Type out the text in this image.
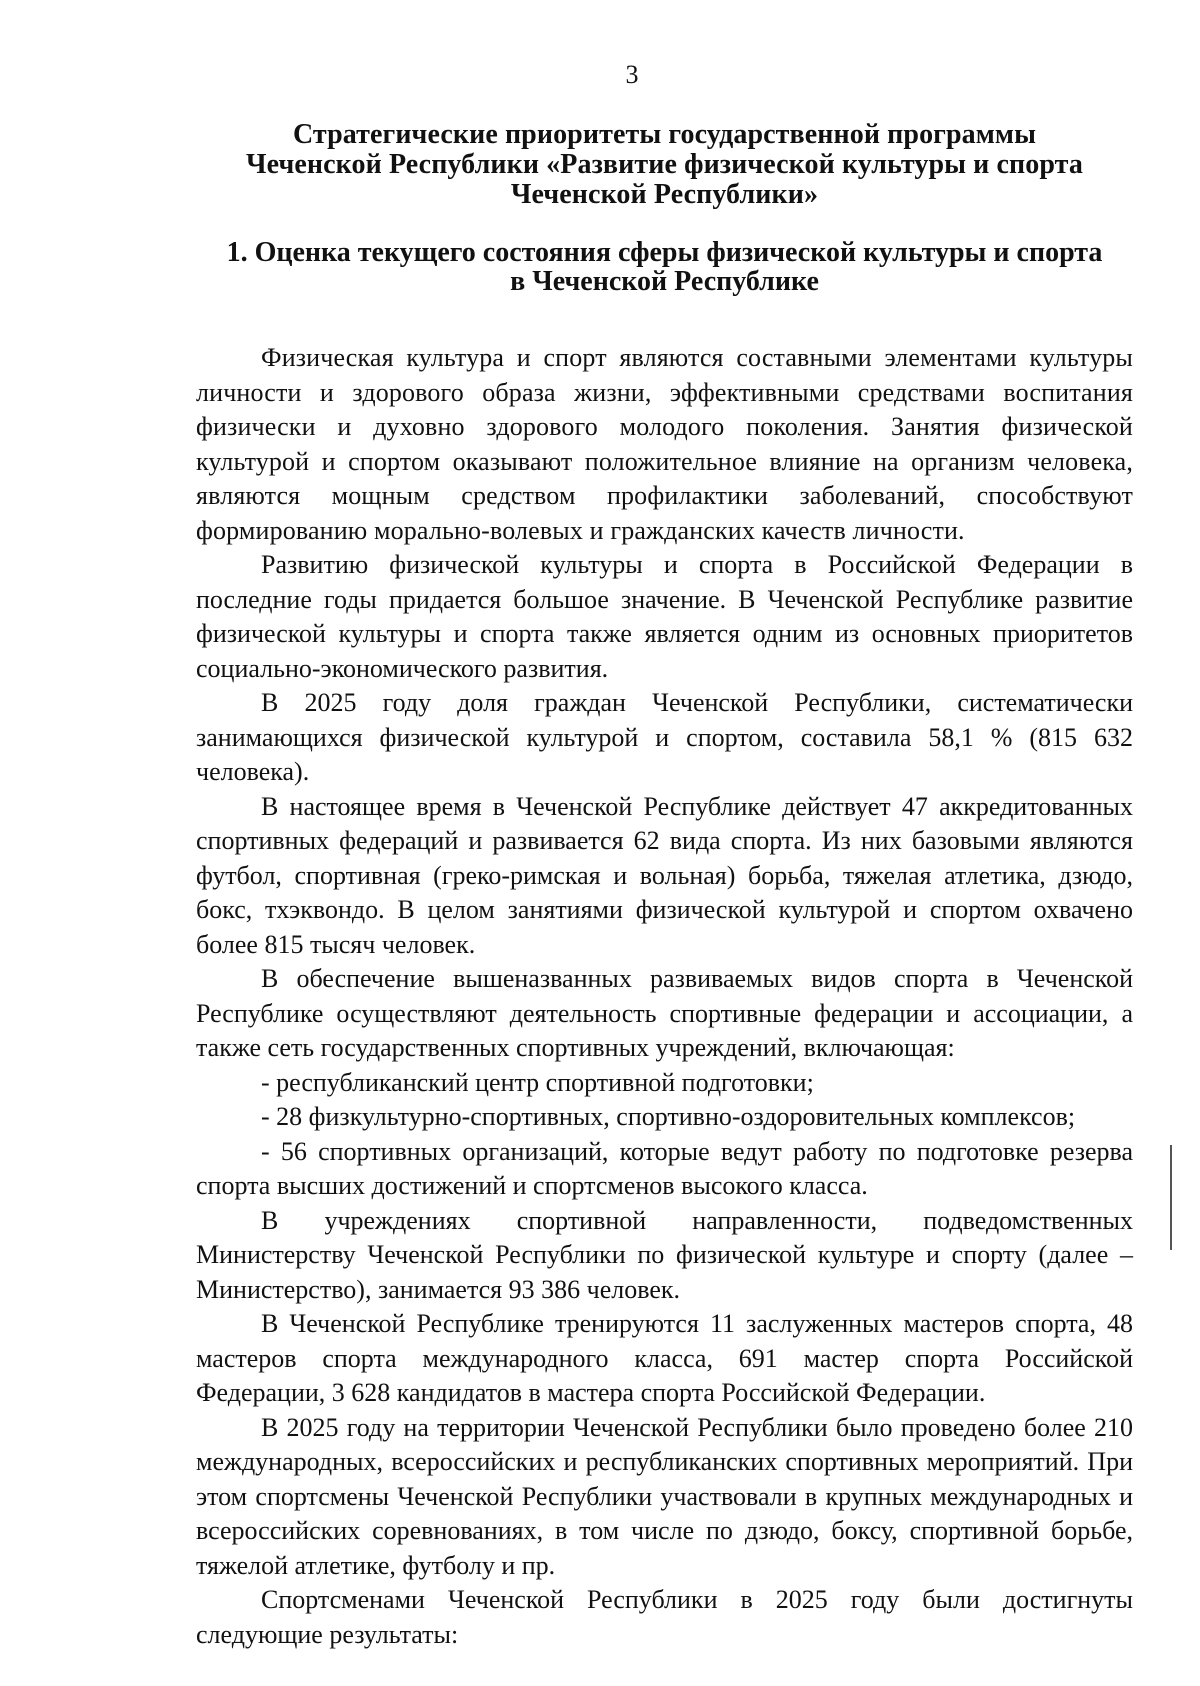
3
Стратегические приоритеты государственной программы
Чеченской Республики «Развитие физической культуры и спорта
Чеченской Республики»
1. Оценка текущего состояния сферы физической культуры и спорта
в Чеченской Республике

Физическая культура и спорт являются составными элементами культуры личности и здорового образа жизни, эффективными средствами воспитания физически и духовно здорового молодого поколения. Занятия физической культурой и спортом оказывают положительное влияние на организм человека, являются мощным средством профилактики заболеваний, способствуют формированию морально-волевых и гражданских качеств личности.

Развитию физической культуры и спорта в Российской Федерации в последние годы придается большое значение. В Чеченской Республике развитие физической культуры и спорта также является одним из основных приоритетов социально-экономического развития.

В 2025 году доля граждан Чеченской Республики, систематически занимающихся физической культурой и спортом, составила 58,1 % (815 632 человека).

В настоящее время в Чеченской Республике действует 47 аккредитованных спортивных федераций и развивается 62 вида спорта. Из них базовыми являются футбол, спортивная (греко-римская и вольная) борьба, тяжелая атлетика, дзюдо, бокс, тхэквондо. В целом занятиями физической культурой и спортом охвачено более 815 тысяч человек.

В обеспечение вышеназванных развиваемых видов спорта в Чеченской Республике осуществляют деятельность спортивные федерации и ассоциации, а также сеть государственных спортивных учреждений, включающая:

- республиканский центр спортивной подготовки;

- 28 физкультурно-спортивных, спортивно-оздоровительных комплексов;

- 56 спортивных организаций, которые ведут работу по подготовке резерва спорта высших достижений и спортсменов высокого класса.

В учреждениях спортивной направленности, подведомственных Министерству Чеченской Республики по физической культуре и спорту (далее – Министерство), занимается 93 386 человек.

В Чеченской Республике тренируются 11 заслуженных мастеров спорта, 48 мастеров спорта международного класса, 691 мастер спорта Российской Федерации, 3 628 кандидатов в мастера спорта Российской Федерации.

В 2025 году на территории Чеченской Республики было проведено более 210 международных, всероссийских и республиканских спортивных мероприятий. При этом спортсмены Чеченской Республики участвовали в крупных международных и всероссийских соревнованиях, в том числе по дзюдо, боксу, спортивной борьбе, тяжелой атлетике, футболу и пр.

Спортсменами Чеченской Республики в 2025 году были достигнуты следующие результаты:
